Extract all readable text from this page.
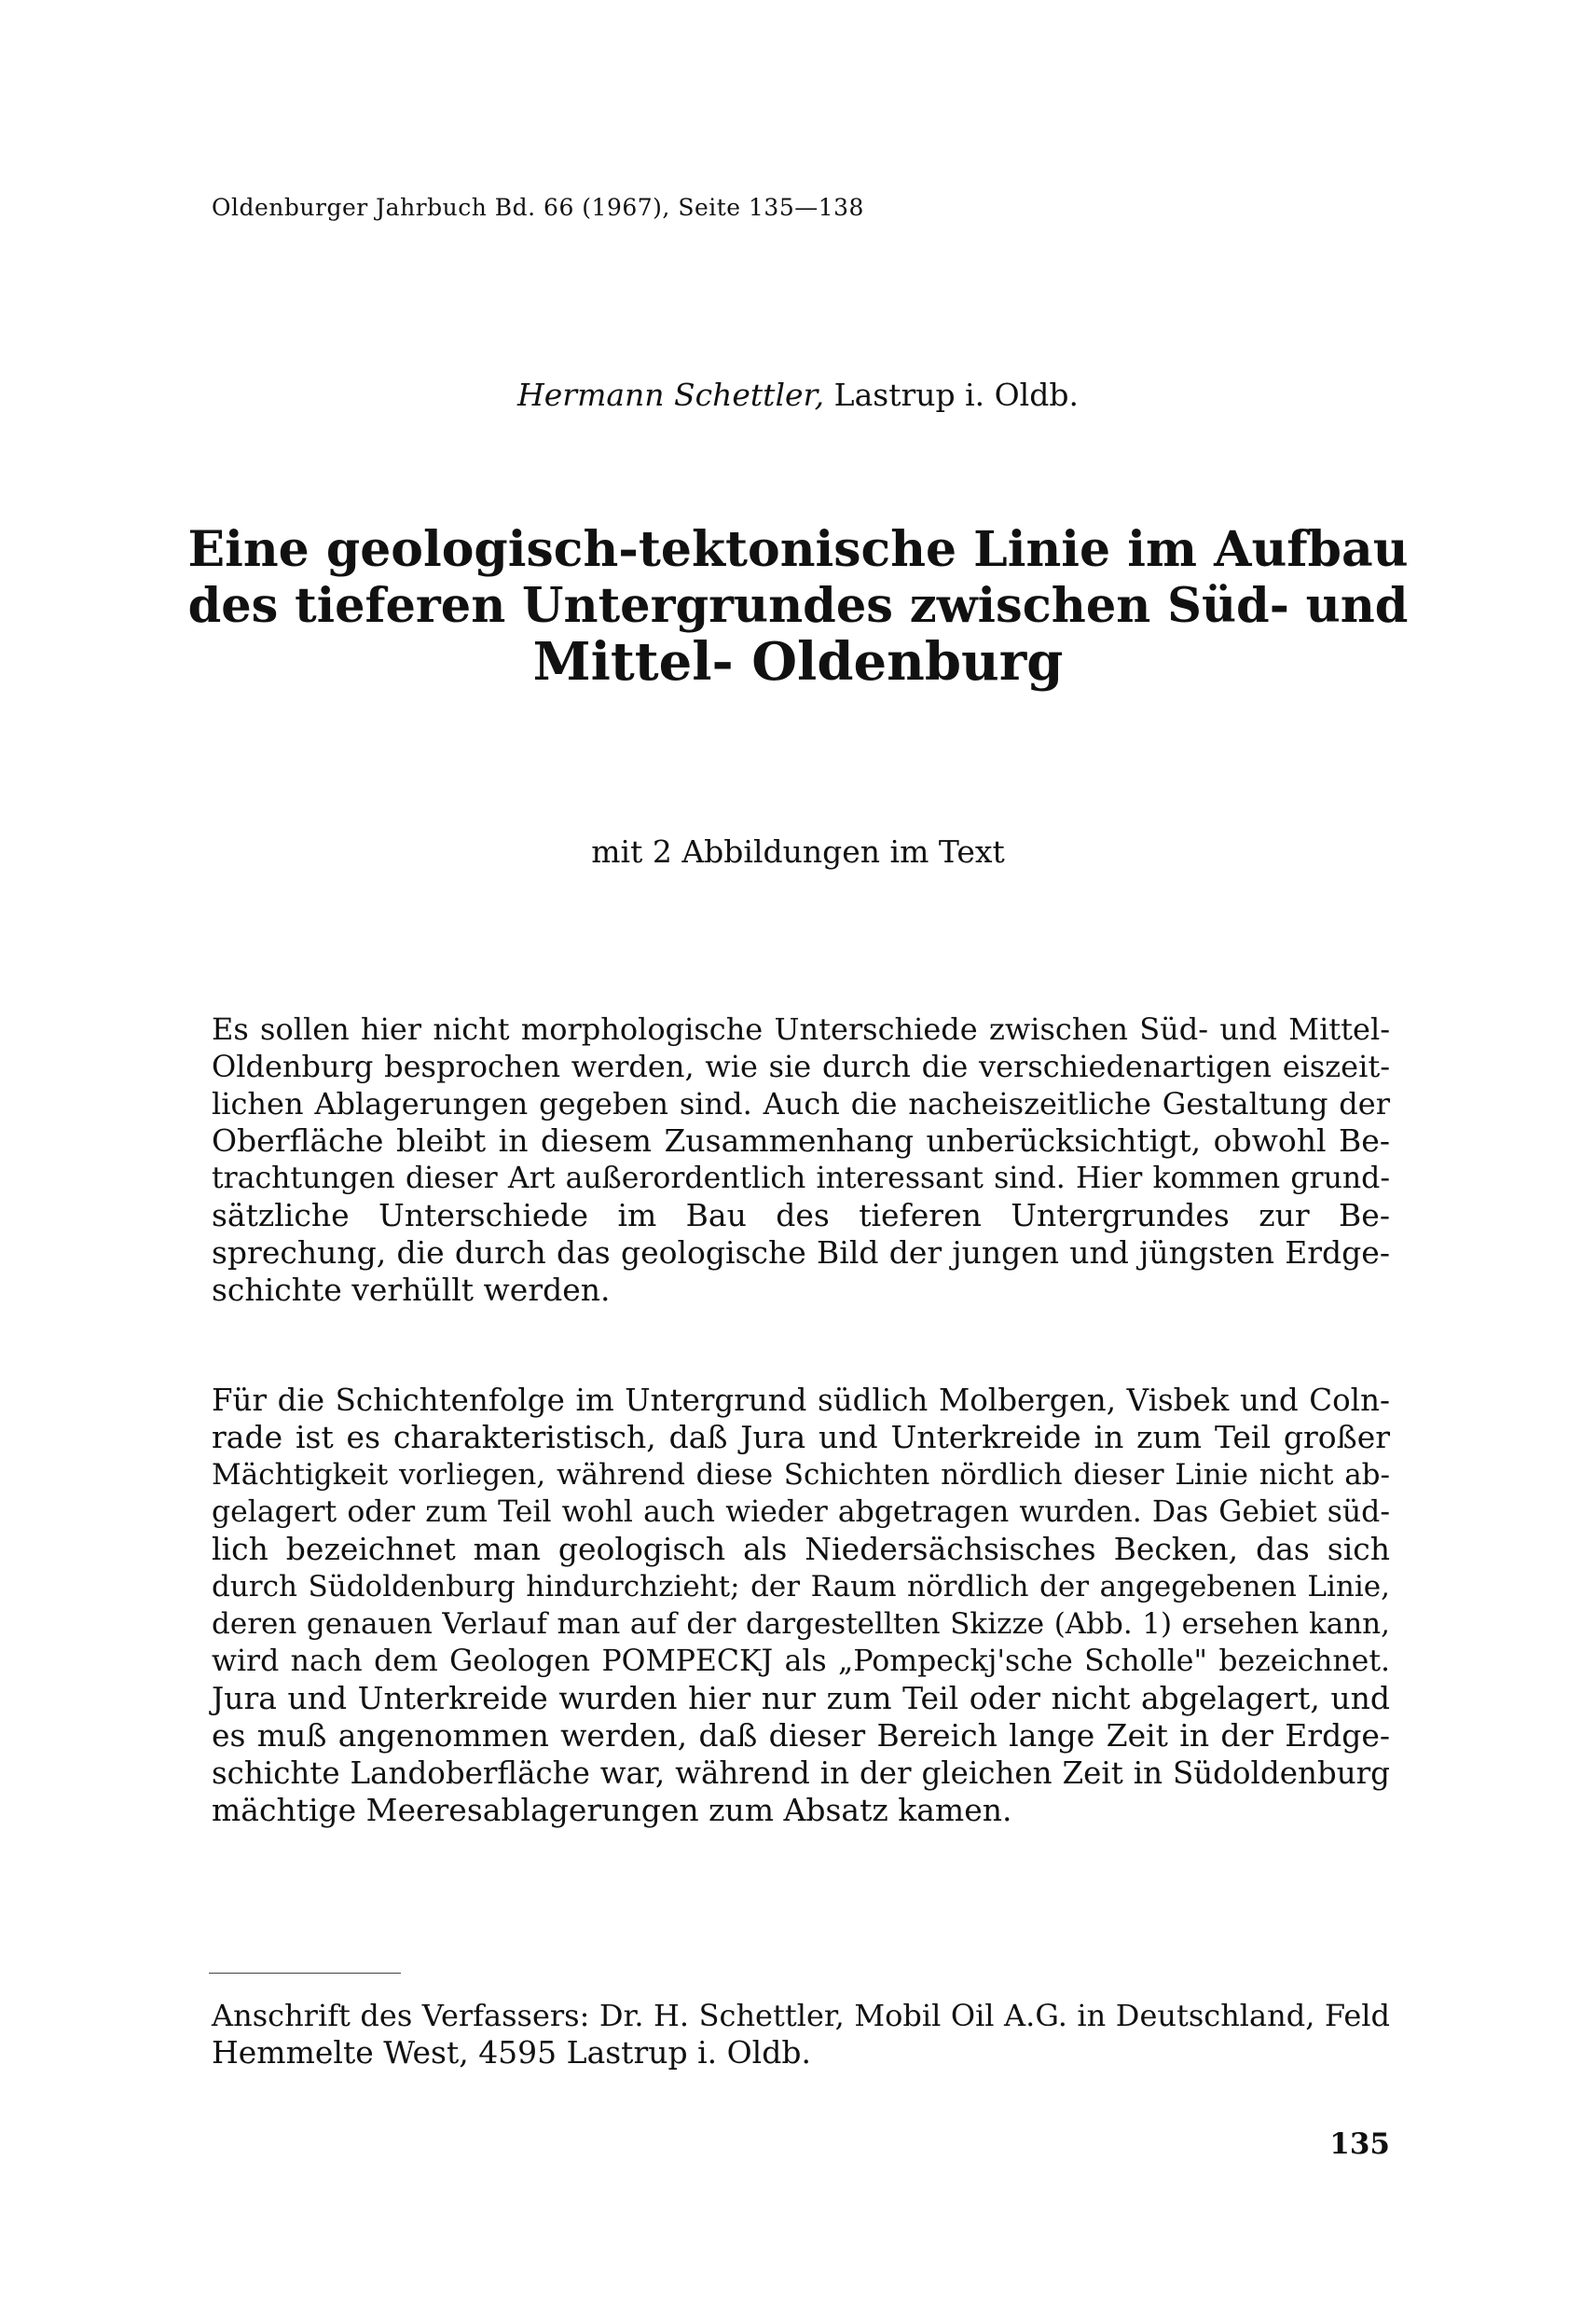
Oldenburger Jahrbuch Bd. 66 (1967), Seite 135—138
Hermann Schettler, Lastrup i. Oldb.
Eine geologisch-tektonische Linie im Aufbau
des tieferen Untergrundes zwischen Süd- und
Mittel- Oldenburg
mit 2 Abbildungen im Text
Es sollen hier nicht morphologische Unterschiede zwischen Süd- und Mittel-
Oldenburg besprochen werden, wie sie durch die verschiedenartigen eiszeit-
lichen Ablagerungen gegeben sind. Auch die nacheiszeitliche Gestaltung der
Oberfläche bleibt in diesem Zusammenhang unberücksichtigt, obwohl Be-
trachtungen dieser Art außerordentlich interessant sind. Hier kommen grund-
sätzliche Unterschiede im Bau des tieferen Untergrundes zur Be-
sprechung, die durch das geologische Bild der jungen und jüngsten Erdge-
schichte verhüllt werden.
Für die Schichtenfolge im Untergrund südlich Molbergen, Visbek und Coln-
rade ist es charakteristisch, daß Jura und Unterkreide in zum Teil großer
Mächtigkeit vorliegen, während diese Schichten nördlich dieser Linie nicht ab-
gelagert oder zum Teil wohl auch wieder abgetragen wurden. Das Gebiet süd-
lich bezeichnet man geologisch als Niedersächsisches Becken, das sich
durch Südoldenburg hindurchzieht; der Raum nördlich der angegebenen Linie,
deren genauen Verlauf man auf der dargestellten Skizze (Abb. 1) ersehen kann,
wird nach dem Geologen POMPECKJ als „Pompeckj'sche Scholle" bezeichnet.
Jura und Unterkreide wurden hier nur zum Teil oder nicht abgelagert, und
es muß angenommen werden, daß dieser Bereich lange Zeit in der Erdge-
schichte Landoberfläche war, während in der gleichen Zeit in Südoldenburg
mächtige Meeresablagerungen zum Absatz kamen.
Anschrift des Verfassers: Dr. H. Schettler, Mobil Oil A.G. in Deutschland, Feld
Hemmelte West, 4595 Lastrup i. Oldb.
135
